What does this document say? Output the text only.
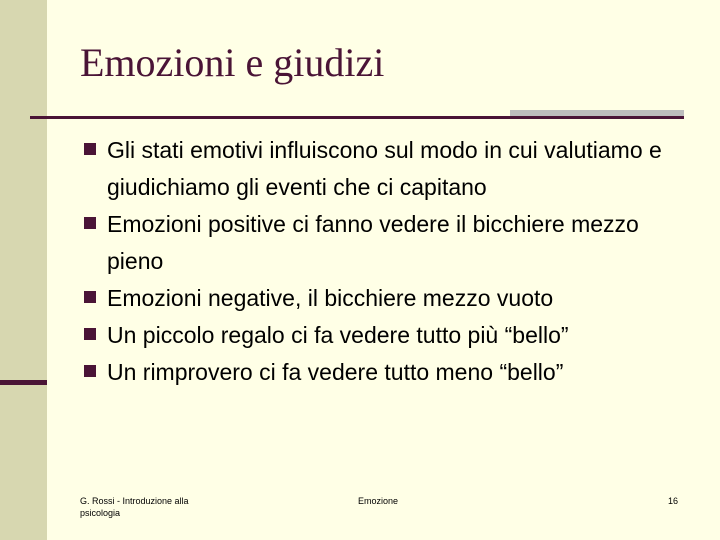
Emozioni e giudizi
Gli stati emotivi influiscono sul modo in cui valutiamo e giudichiamo gli eventi che ci capitano
Emozioni positive ci fanno vedere il bicchiere mezzo pieno
Emozioni negative, il bicchiere mezzo vuoto
Un piccolo regalo ci fa vedere tutto più “bello”
Un rimprovero ci fa vedere tutto meno “bello”
G. Rossi - Introduzione alla psicologia
Emozione	16
